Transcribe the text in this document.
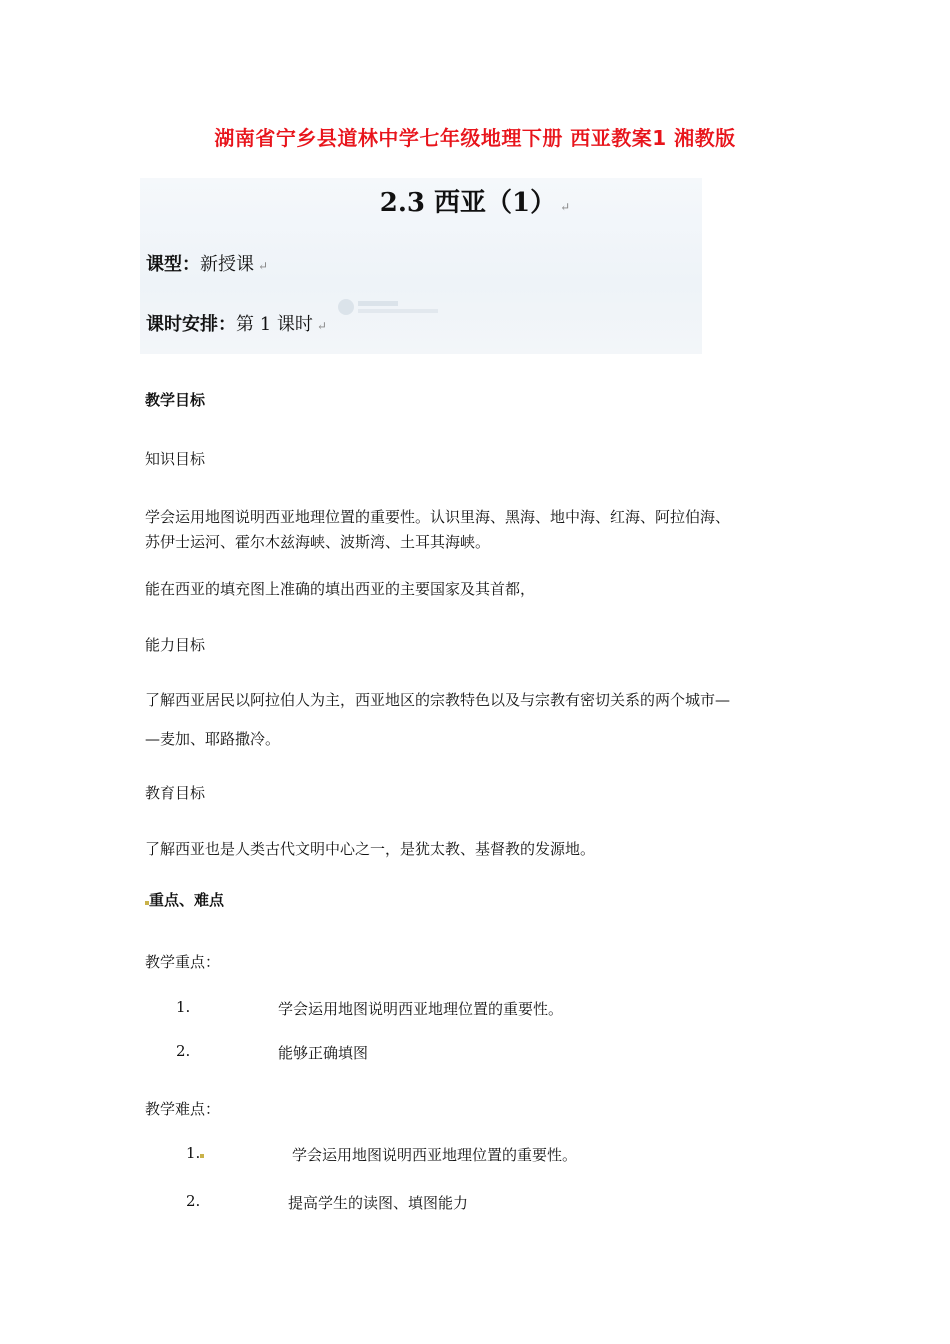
湖南省宁乡县道林中学七年级地理下册 西亚教案1 湘教版
2.3 西亚（1） ↵
课型：新授课 ↵
课时安排：第 1 课时 ↵
教学目标
知识目标
学会运用地图说明西亚地理位置的重要性。认识里海、黑海、地中海、红海、阿拉伯海、
苏伊士运河、霍尔木兹海峡、波斯湾、土耳其海峡。
能在西亚的填充图上准确的填出西亚的主要国家及其首都，
能力目标
了解西亚居民以阿拉伯人为主，西亚地区的宗教特色以及与宗教有密切关系的两个城市—
—麦加、耶路撒冷。
教育目标
了解西亚也是人类古代文明中心之一，是犹太教、基督教的发源地。
重点、难点
教学重点：
1.	学会运用地图说明西亚地理位置的重要性。
2.	能够正确填图
教学难点：
1.	学会运用地图说明西亚地理位置的重要性。
2.	提高学生的读图、填图能力
